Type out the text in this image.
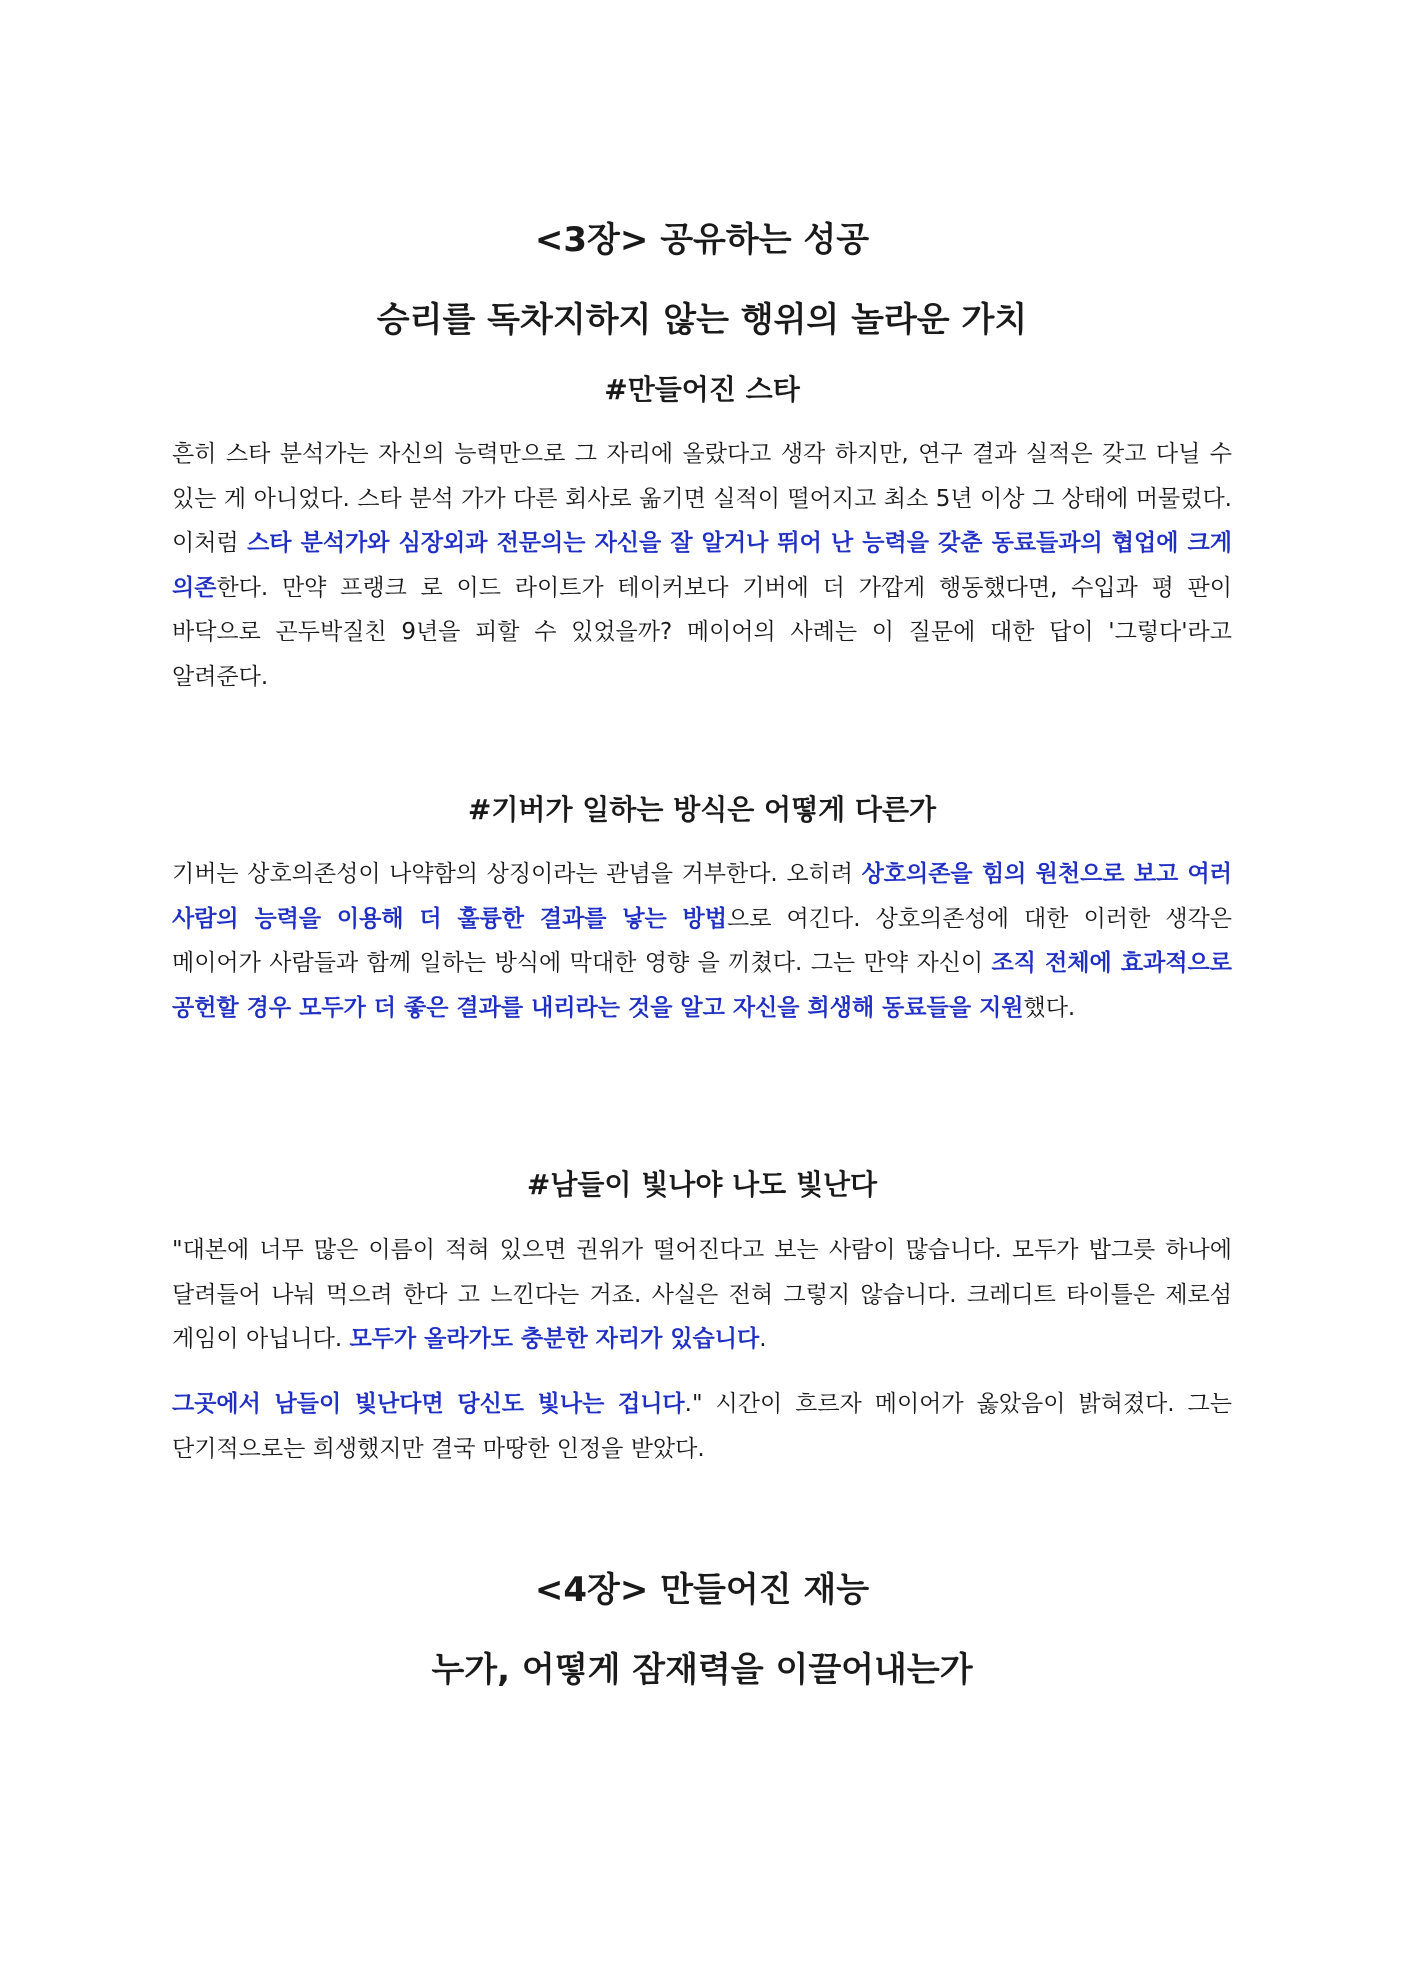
<3장> 공유하는 성공
승리를 독차지하지 않는 행위의 놀라운 가치
#만들어진 스타

흔히 스타 분석가는 자신의 능력만으로 그 자리에 올랐다고 생각 하지만, 연구 결과 실적은 갖고 다닐 수 있는 게 아니었다. 스타 분석 가가 다른 회사로 옮기면 실적이 떨어지고 최소 5년 이상 그 상태에 머물렀다. 이처럼 스타 분석가와 심장외과 전문의는 자신을 잘 알거나 뛰어 난 능력을 갖춘 동료들과의 협업에 크게 의존한다. 만약 프랭크 로 이드 라이트가 테이커보다 기버에 더 가깝게 행동했다면, 수입과 평 판이 바닥으로 곤두박질친 9년을 피할 수 있었을까? 메이어의 사례는 이 질문에 대한 답이 '그렇다'라고 알려준다.

#기버가 일하는 방식은 어떻게 다른가

기버는 상호의존성이 나약함의 상징이라는 관념을 거부한다. 오히려 상호의존을 힘의 원천으로 보고 여러 사람의 능력을 이용해 더 훌륭한 결과를 낳는 방법으로 여긴다. 상호의존성에 대한 이러한 생각은 메이어가 사람들과 함께 일하는 방식에 막대한 영향 을 끼쳤다. 그는 만약 자신이 조직 전체에 효과적으로 공헌할 경우 모두가 더 좋은 결과를 내리라는 것을 알고 자신을 희생해 동료들을 지원했다.

#남들이 빛나야 나도 빛난다

"대본에 너무 많은 이름이 적혀 있으면 권위가 떨어진다고 보는 사람이 많습니다. 모두가 밥그릇 하나에 달려들어 나눠 먹으려 한다 고 느낀다는 거죠. 사실은 전혀 그렇지 않습니다. 크레디트 타이틀은 제로섬 게임이 아닙니다. 모두가 올라가도 충분한 자리가 있습니다.

그곳에서 남들이 빛난다면 당신도 빛나는 겁니다." 시간이 흐르자 메이어가 옳았음이 밝혀졌다. 그는 단기적으로는 희생했지만 결국 마땅한 인정을 받았다.

<4장> 만들어진 재능
누가, 어떻게 잠재력을 이끌어내는가
